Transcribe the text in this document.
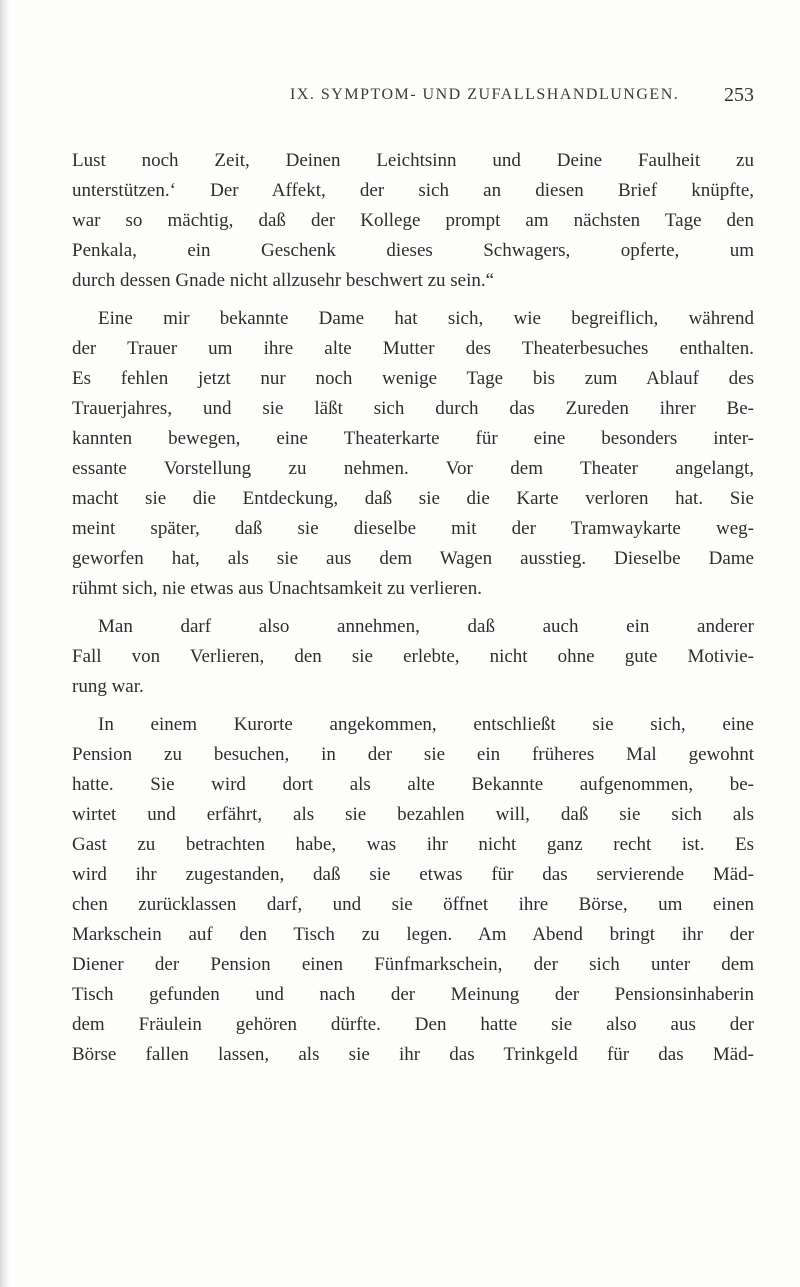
IX. SYMPTOM- UND ZUFALLSHANDLUNGEN. 253
Lust noch Zeit, Deinen Leichtsinn und Deine Faulheit zu
unterstützen.‘ Der Affekt, der sich an diesen Brief knüpfte,
war so mächtig, daß der Kollege prompt am nächsten Tage den
Penkala, ein Geschenk dieses Schwagers, opferte, um
durch dessen Gnade nicht allzusehr beschwert zu sein.“
Eine mir bekannte Dame hat sich, wie begreiflich, während
der Trauer um ihre alte Mutter des Theaterbesuches enthalten.
Es fehlen jetzt nur noch wenige Tage bis zum Ablauf des
Trauerjahres, und sie läßt sich durch das Zureden ihrer Be-
kannten bewegen, eine Theaterkarte für eine besonders inter-
essante Vorstellung zu nehmen. Vor dem Theater angelangt,
macht sie die Entdeckung, daß sie die Karte verloren hat. Sie
meint später, daß sie dieselbe mit der Tramwaykarte weg-
geworfen hat, als sie aus dem Wagen ausstieg. Dieselbe Dame
rühmt sich, nie etwas aus Unachtsamkeit zu verlieren.
Man darf also annehmen, daß auch ein anderer
Fall von Verlieren, den sie erlebte, nicht ohne gute Motivie-
rung war.
In einem Kurorte angekommen, entschließt sie sich, eine
Pension zu besuchen, in der sie ein früheres Mal gewohnt
hatte. Sie wird dort als alte Bekannte aufgenommen, be-
wirtet und erfährt, als sie bezahlen will, daß sie sich als
Gast zu betrachten habe, was ihr nicht ganz recht ist. Es
wird ihr zugestanden, daß sie etwas für das servierende Mäd-
chen zurücklassen darf, und sie öffnet ihre Börse, um einen
Markschein auf den Tisch zu legen. Am Abend bringt ihr der
Diener der Pension einen Fünfmarkschein, der sich unter dem
Tisch gefunden und nach der Meinung der Pensionsinhaberin
dem Fräulein gehören dürfte. Den hatte sie also aus der
Börse fallen lassen, als sie ihr das Trinkgeld für das Mäd-
